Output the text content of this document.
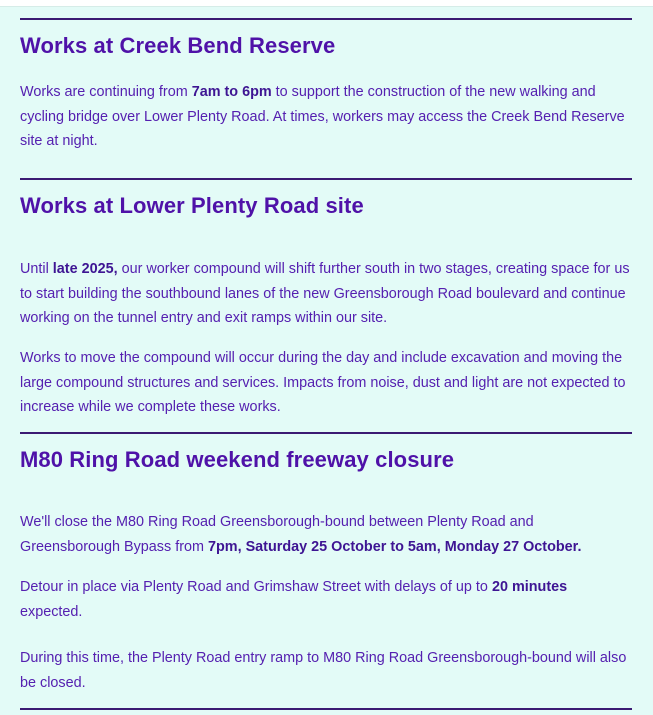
Works at Creek Bend Reserve

Works are continuing from 7am to 6pm to support the construction of the new walking and cycling bridge over Lower Plenty Road. At times, workers may access the Creek Bend Reserve site at night.

Works at Lower Plenty Road site

Until late 2025, our worker compound will shift further south in two stages, creating space for us to start building the southbound lanes of the new Greensborough Road boulevard and continue working on the tunnel entry and exit ramps within our site.

Works to move the compound will occur during the day and include excavation and moving the large compound structures and services. Impacts from noise, dust and light are not expected to increase while we complete these works.

M80 Ring Road weekend freeway closure

We'll close the M80 Ring Road Greensborough-bound between Plenty Road and Greensborough Bypass from 7pm, Saturday 25 October to 5am, Monday 27 October.

Detour in place via Plenty Road and Grimshaw Street with delays of up to 20 minutes expected.

During this time, the Plenty Road entry ramp to M80 Ring Road Greensborough-bound will also be closed.
